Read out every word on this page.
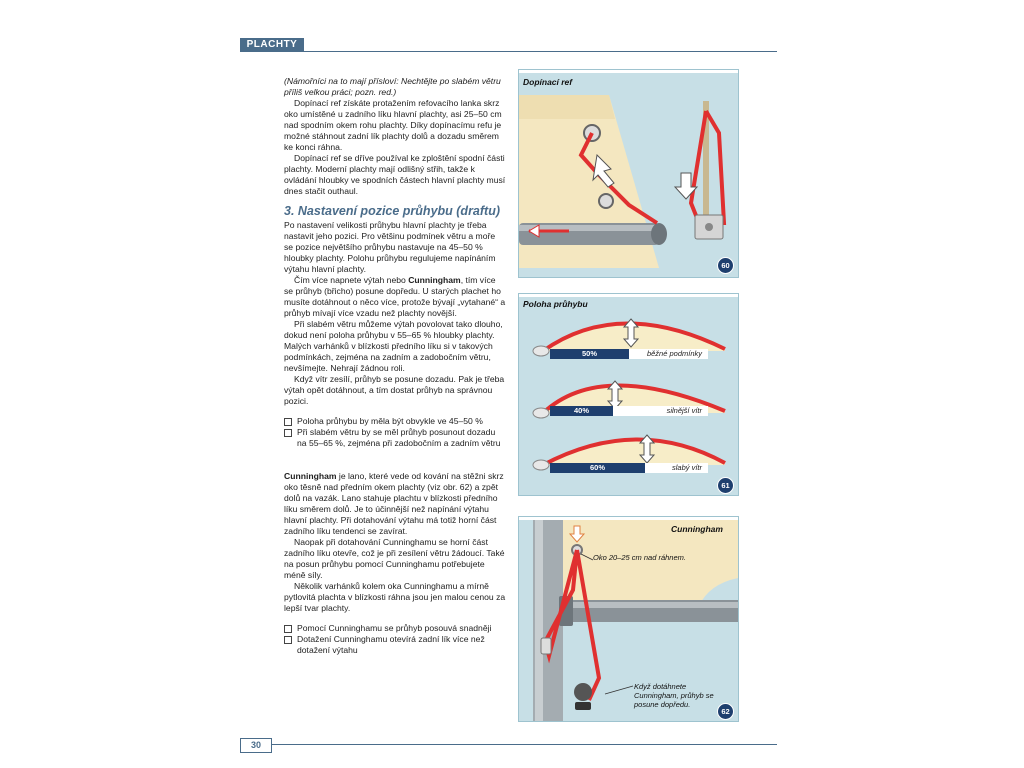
PLACHTY

(Námořníci na to mají přísloví: Nechtějte po slabém větru příliš velkou práci; pozn. red.)

Dopínací ref získáte protažením refovacího lanka skrz oko umístěné u zadního líku hlavní plachty, asi 25–50 cm nad spodním okem rohu plachty. Díky dopínacímu refu je možné stáhnout zadní lík plachty dolů a dozadu směrem ke konci ráhna.

Dopínací ref se dříve používal ke zploštění spodní části plachty. Moderní plachty mají odlišný střih, takže k ovládání hloubky ve spodních částech hlavní plachty musí dnes stačit outhaul.

3. Nastavení pozice průhybu (draftu)

Po nastavení velikosti průhybu hlavní plachty je třeba nastavit jeho pozici. Pro většinu podmínek větru a moře se pozice největšího průhybu nastavuje na 45–50 % hloubky plachty. Polohu průhybu regulujeme napínáním výtahu hlavní plachty.

Čím více napnete výtah nebo Cunningham, tím více se průhyb (břicho) posune dopředu. U starých plachet ho musíte dotáhnout o něco více, protože bývají „vytahané“ a průhyb mívají více vzadu než plachty novější.

Při slabém větru můžeme výtah povolovat tako dlouho, dokud není poloha průhybu v 55–65 % hloubky plachty. Malých varhánků v blízkosti předního líku si v takových podmínkách, zejména na zadním a zadobočním větru, nevšímejte. Nehrají žádnou roli.

Když vítr zesílí, průhyb se posune dozadu. Pak je třeba výtah opět dotáhnout, a tím dostat průhyb na správnou pozici.

Poloha průhybu by měla být obvykle ve 45–50 %
Při slabém větru by se měl průhyb posunout dozadu na 55–65 %, zejména při zadobočním a zadním větru

Cunningham je lano, které vede od kování na stěžni skrz oko těsně nad předním okem plachty (viz obr. 62) a zpět dolů na vazák. Lano stahuje plachtu v blízkosti předního líku směrem dolů. Je to účinnější než napínání výtahu hlavní plachty. Při dotahování výtahu má totiž horní část zadního líku tendenci se zavírat.

Naopak při dotahování Cunninghamu se horní část zadního líku otevře, což je při zesílení větru žádoucí. Také na posun průhybu pomocí Cunninghamu potřebujete méně síly.

Několik varhánků kolem oka Cunninghamu a mírně pytlovitá plachta v blízkosti ráhna jsou jen malou cenou za lepší tvar plachty.

Pomocí Cunninghamu se průhyb posouvá snadněji
Dotažení Cunninghamu otevírá zadní lík více než dotažení výtahu
Dopínací ref
60
Poloha průhybu
61
50%	běžné podmínky
40%	silnější vítr
60%	slabý vítr
Cunningham
62
Oko 20–25 cm nad ráhnem.
Když dotáhnete Cunningham, průhyb se posune dopředu.
30
